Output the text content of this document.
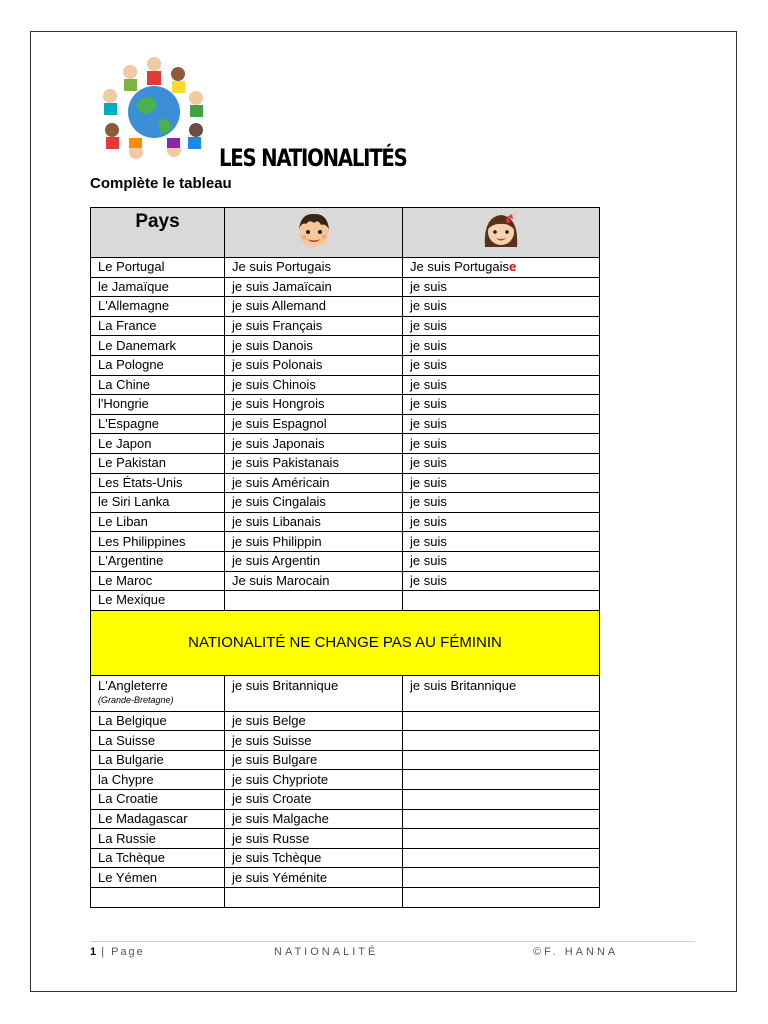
LES NATIONALITÉS
Complète le tableau
Pays		
Le Portugal	Je suis Portugais	Je suis Portugaise
le Jamaïque	je suis Jamaïcain	je suis
L'Allemagne	je suis Allemand	je suis
La France	je suis Français	je suis
Le Danemark	je suis Danois	je suis
La Pologne	je suis Polonais	je suis
La Chine	je suis Chinois	je suis
l'Hongrie	je suis Hongrois	je suis
L'Espagne	je suis Espagnol	je suis
Le Japon	je suis Japonais	je suis
Le Pakistan	je suis Pakistanais	je suis
Les États-Unis	je suis Américain	je suis
le Siri Lanka	je suis Cingalais	je suis
Le Liban	je suis Libanais	je suis
Les Philippines	je suis Philippin	je suis
L'Argentine	je suis Argentin	je suis
Le Maroc	Je suis Marocain	je suis
Le Mexique		
NATIONALITÉ NE CHANGE PAS AU FÉMININ		
L'Angleterre
(Grande-Bretagne)	je suis Britannique	je suis Britannique
La Belgique	je suis Belge	
La Suisse	je suis Suisse	
La Bulgarie	je suis Bulgare	
la Chypre	je suis Chypriote	
La Croatie	je suis Croate	
Le Madagascar	je suis Malgache	
La Russie	je suis Russe	
La Tchèque	je suis Tchèque	
Le Yémen	je suis Yéménite	

1 | Page	NATIONALITÉ	©F. HANNA
